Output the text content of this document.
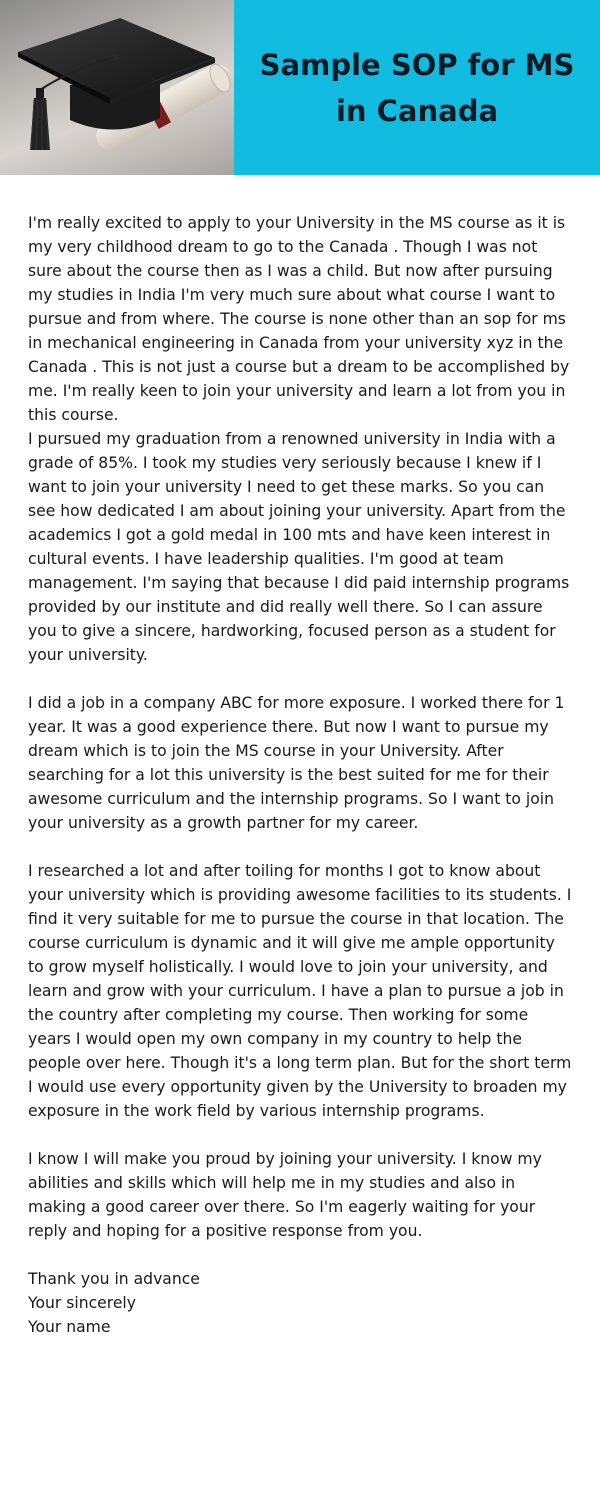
Sample SOP for MS in Canada

I'm really excited to apply to your University in the MS course as it is my very childhood dream to go to the Canada . Though I was not sure about the course then as I was a child. But now after pursuing my studies in India I'm very much sure about what course I want to pursue and from where. The course is none other than an sop for ms in mechanical engineering in Canada from your university xyz in the Canada . This is not just a course but a dream to be accomplished by me. I'm really keen to join your university and learn a lot from you in this course.
I pursued my graduation from a renowned university in India with a grade of 85%. I took my studies very seriously because I knew if I want to join your university I need to get these marks. So you can see how dedicated I am about joining your university. Apart from the academics I got a gold medal in 100 mts and have keen interest in cultural events. I have leadership qualities. I'm good at team management. I'm saying that because I did paid internship programs provided by our institute and did really well there. So I can assure you to give a sincere, hardworking, focused person as a student for your university.

I did a job in a company ABC for more exposure. I worked there for 1 year. It was a good experience there. But now I want to pursue my dream which is to join the MS course in your University. After searching for a lot this university is the best suited for me for their awesome curriculum and the internship programs. So I want to join your university as a growth partner for my career.

I researched a lot and after toiling for months I got to know about your university which is providing awesome facilities to its students. I find it very suitable for me to pursue the course in that location. The course curriculum is dynamic and it will give me ample opportunity to grow myself holistically. I would love to join your university, and learn and grow with your curriculum. I have a plan to pursue a job in the country after completing my course. Then working for some years I would open my own company in my country to help the people over here. Though it's a long term plan. But for the short term I would use every opportunity given by the University to broaden my exposure in the work field by various internship programs.

I know I will make you proud by joining your university. I know my abilities and skills which will help me in my studies and also in making a good career over there. So I'm eagerly waiting for your reply and hoping for a positive response from you.

Thank you in advance
Your sincerely
Your name
